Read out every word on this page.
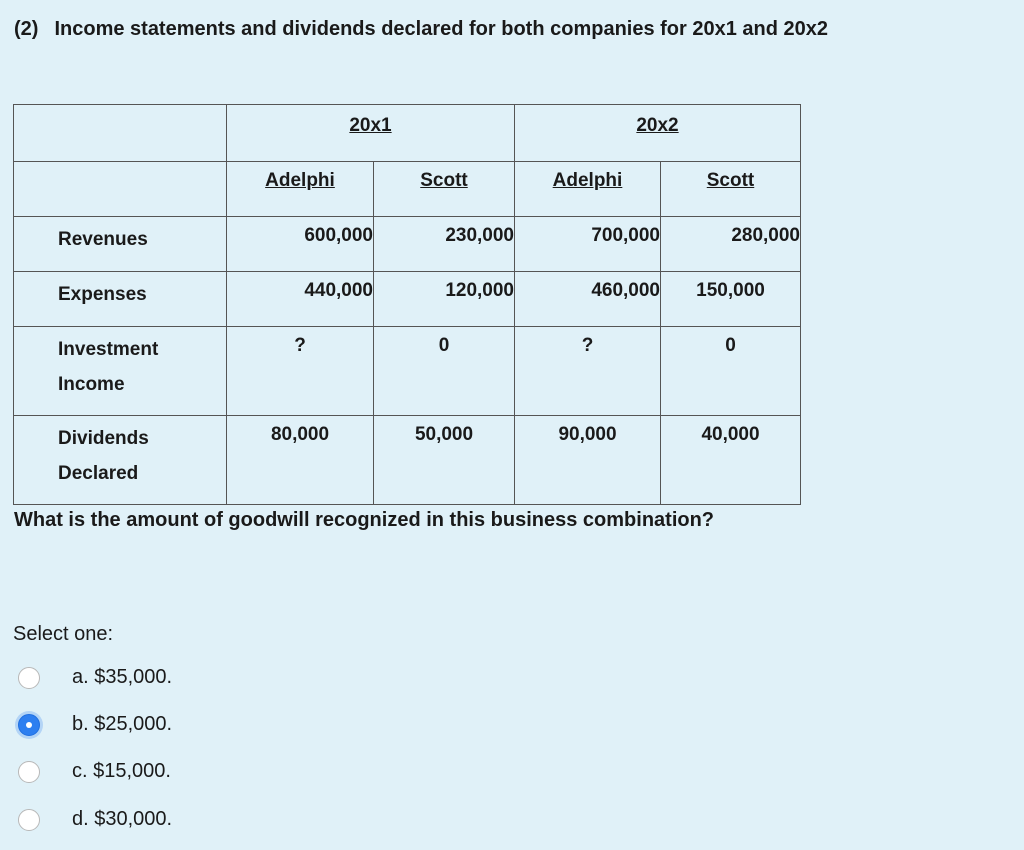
(2) Income statements and dividends declared for both companies for 20x1 and 20x2
	20x1		20x2	
	Adelphi	Scott	Adelphi	Scott
Revenues	600,000	230,000	700,000	280,000
Expenses	440,000	120,000	460,000	150,000

Investment
Income	?	0	?	0

Dividends
Declared	80,000	50,000	90,000	40,000
What is the amount of goodwill recognized in this business combination?
Select one:
a. $35,000.
b. $25,000.
c. $15,000.
d. $30,000.
